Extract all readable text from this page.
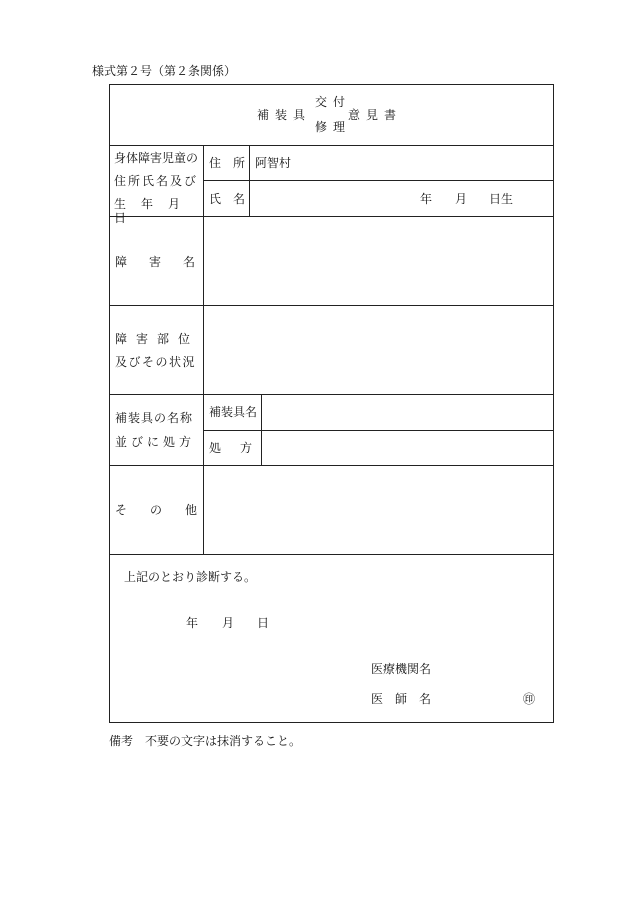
様式第２号（第２条関係）
補装具
交付
修理
意見書
身体障害児童の
住所氏名及び
生年月日
住所
阿智村
氏名	年 月 日生
障害名
障害部位
及びその状況
補装具の名称
並びに処方
補装具名
処方
その他
上記のとおり診断する。
年 月 日
医療機関名
医師名	㊞
備考　不要の文字は抹消すること。
